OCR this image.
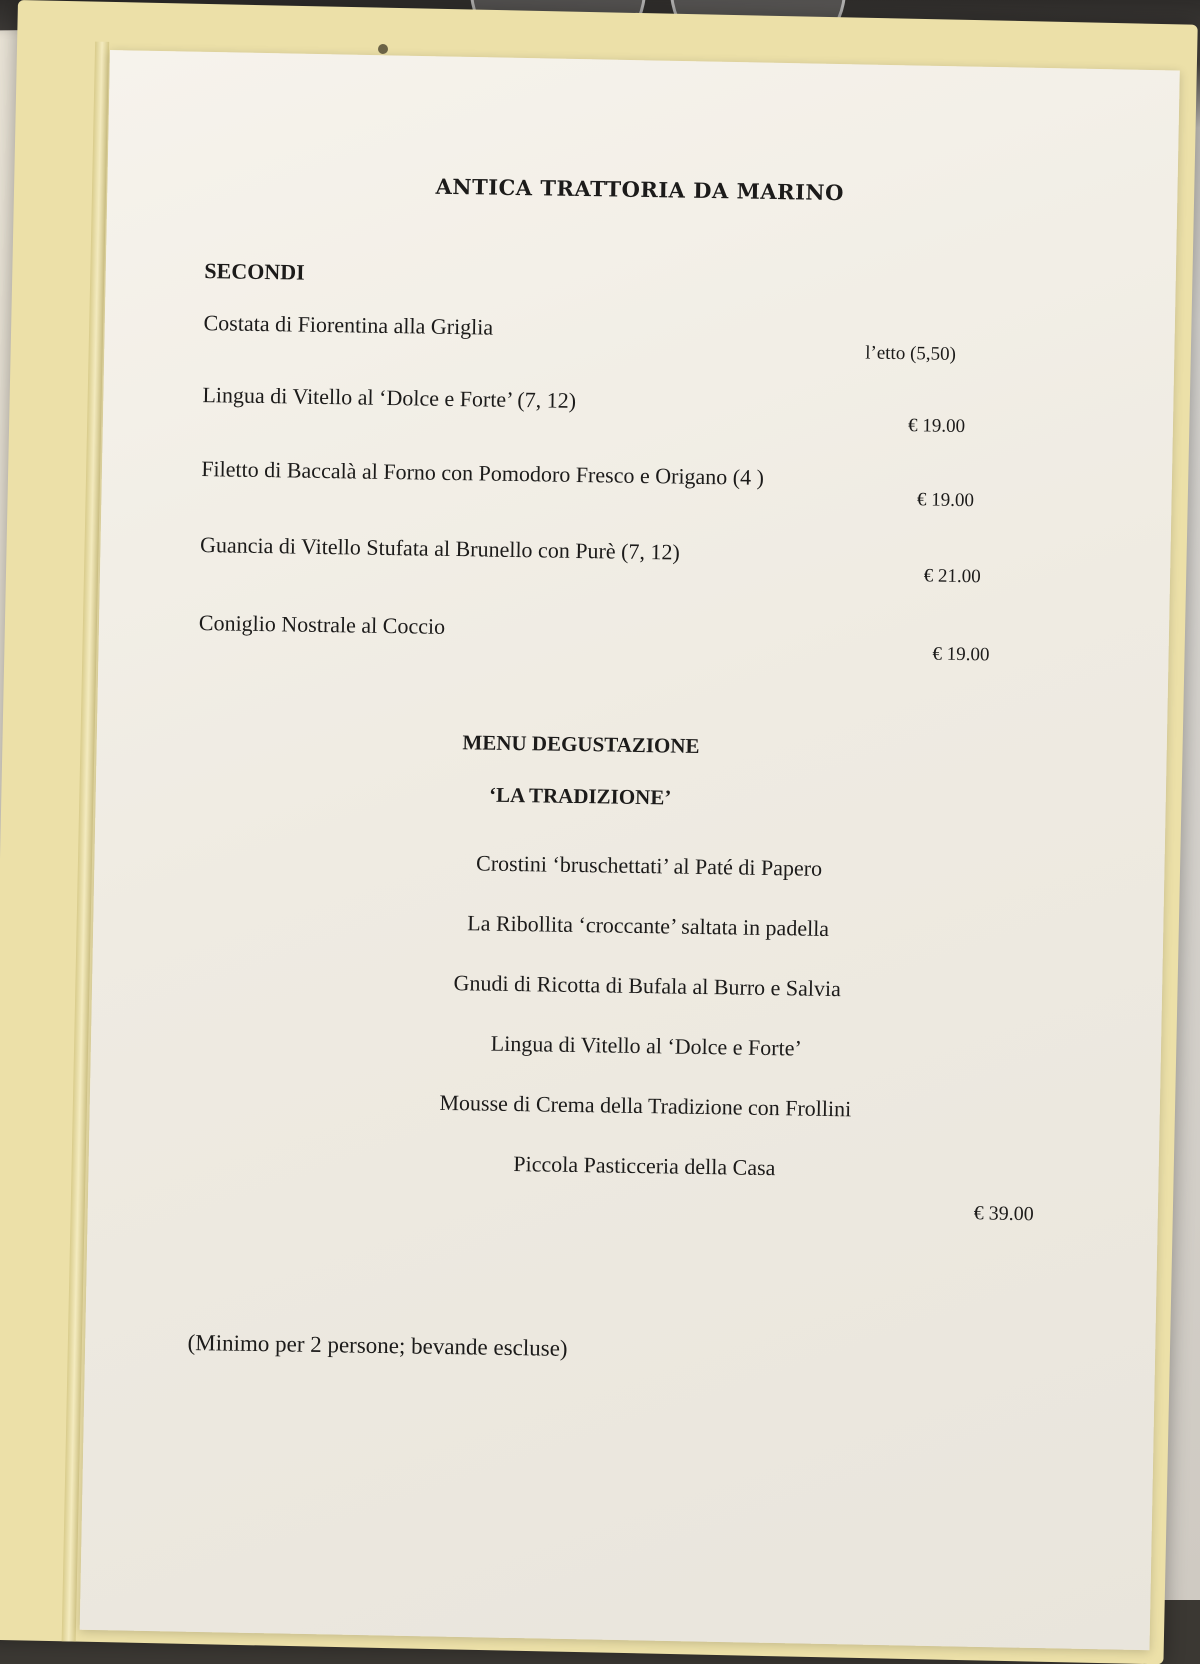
ANTICA TRATTORIA DA MARINO
SECONDI
Costata di Fiorentina alla Griglia
l’etto (5,50)
Lingua di Vitello al ‘Dolce e Forte’ (7, 12)
€ 19.00
Filetto di Baccalà al Forno con Pomodoro Fresco e Origano (4 )
€ 19.00
Guancia di Vitello Stufata al Brunello con Purè (7, 12)
€ 21.00
Coniglio Nostrale al Coccio
€ 19.00
MENU DEGUSTAZIONE
‘LA TRADIZIONE’
Crostini ‘bruschettati’ al Paté di Papero
La Ribollita ‘croccante’ saltata in padella
Gnudi di Ricotta di Bufala al Burro e Salvia
Lingua di Vitello al ‘Dolce e Forte’
Mousse di Crema della Tradizione con Frollini
Piccola Pasticceria della Casa
€ 39.00
(Minimo per 2 persone; bevande escluse)
